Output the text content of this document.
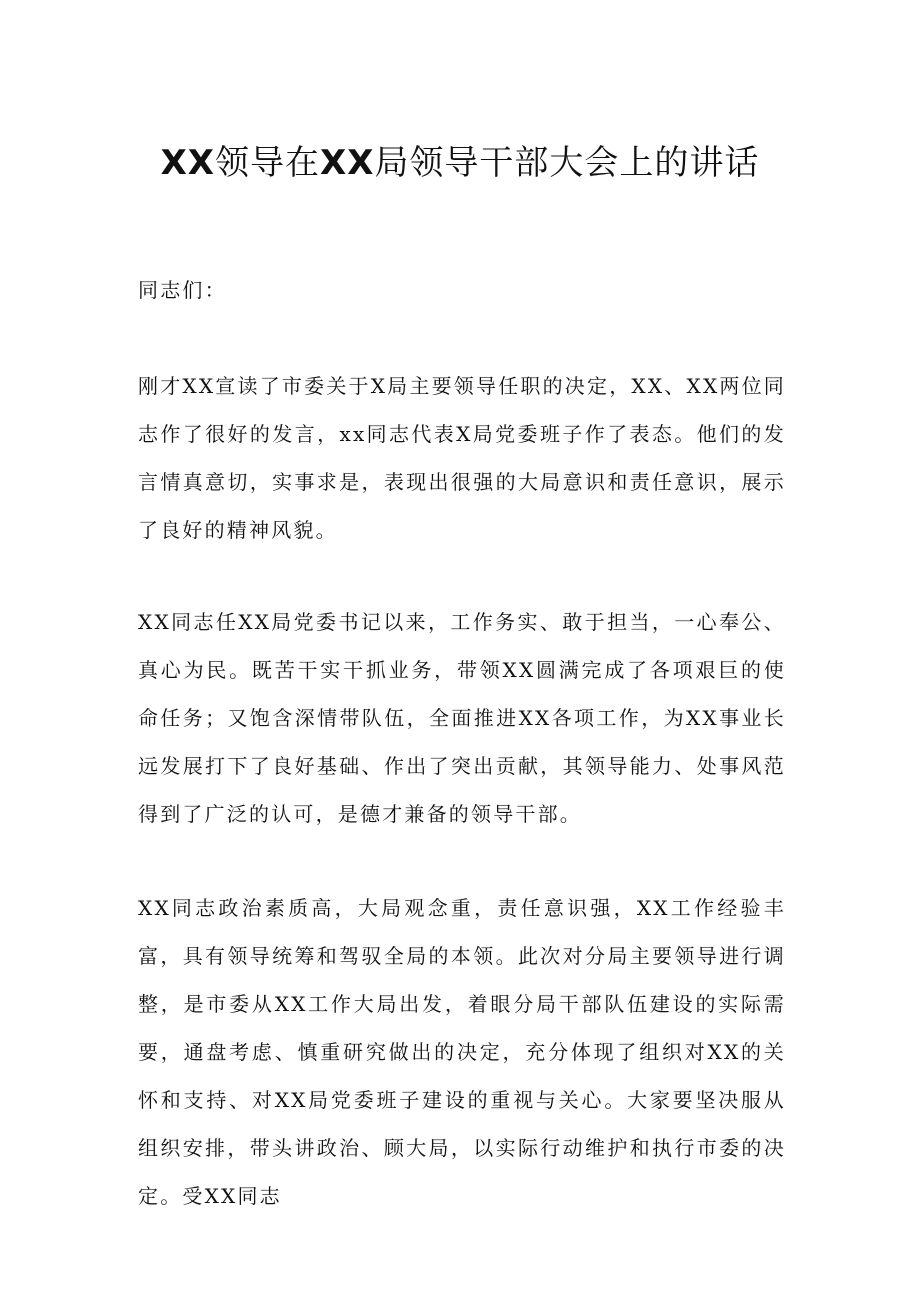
XX领导在XX局领导干部大会上的讲话

同志们：

刚才XX宣读了市委关于X局主要领导任职的决定，XX、XX两位同志作了很好的发言，xx同志代表X局党委班子作了表态。他们的发言情真意切，实事求是，表现出很强的大局意识和责任意识，展示了良好的精神风貌。

XX同志任XX局党委书记以来，工作务实、敢于担当，一心奉公、真心为民。既苦干实干抓业务，带领XX圆满完成了各项艰巨的使命任务；又饱含深情带队伍，全面推进XX各项工作，为XX事业长远发展打下了良好基础、作出了突出贡献，其领导能力、处事风范得到了广泛的认可，是德才兼备的领导干部。

XX同志政治素质高，大局观念重，责任意识强，XX工作经验丰富，具有领导统筹和驾驭全局的本领。此次对分局主要领导进行调整，是市委从XX工作大局出发，着眼分局干部队伍建设的实际需要，通盘考虑、慎重研究做出的决定，充分体现了组织对XX的关怀和支持、对XX局党委班子建设的重视与关心。大家要坚决服从组织安排，带头讲政治、顾大局，以实际行动维护和执行市委的决定。受XX同志
